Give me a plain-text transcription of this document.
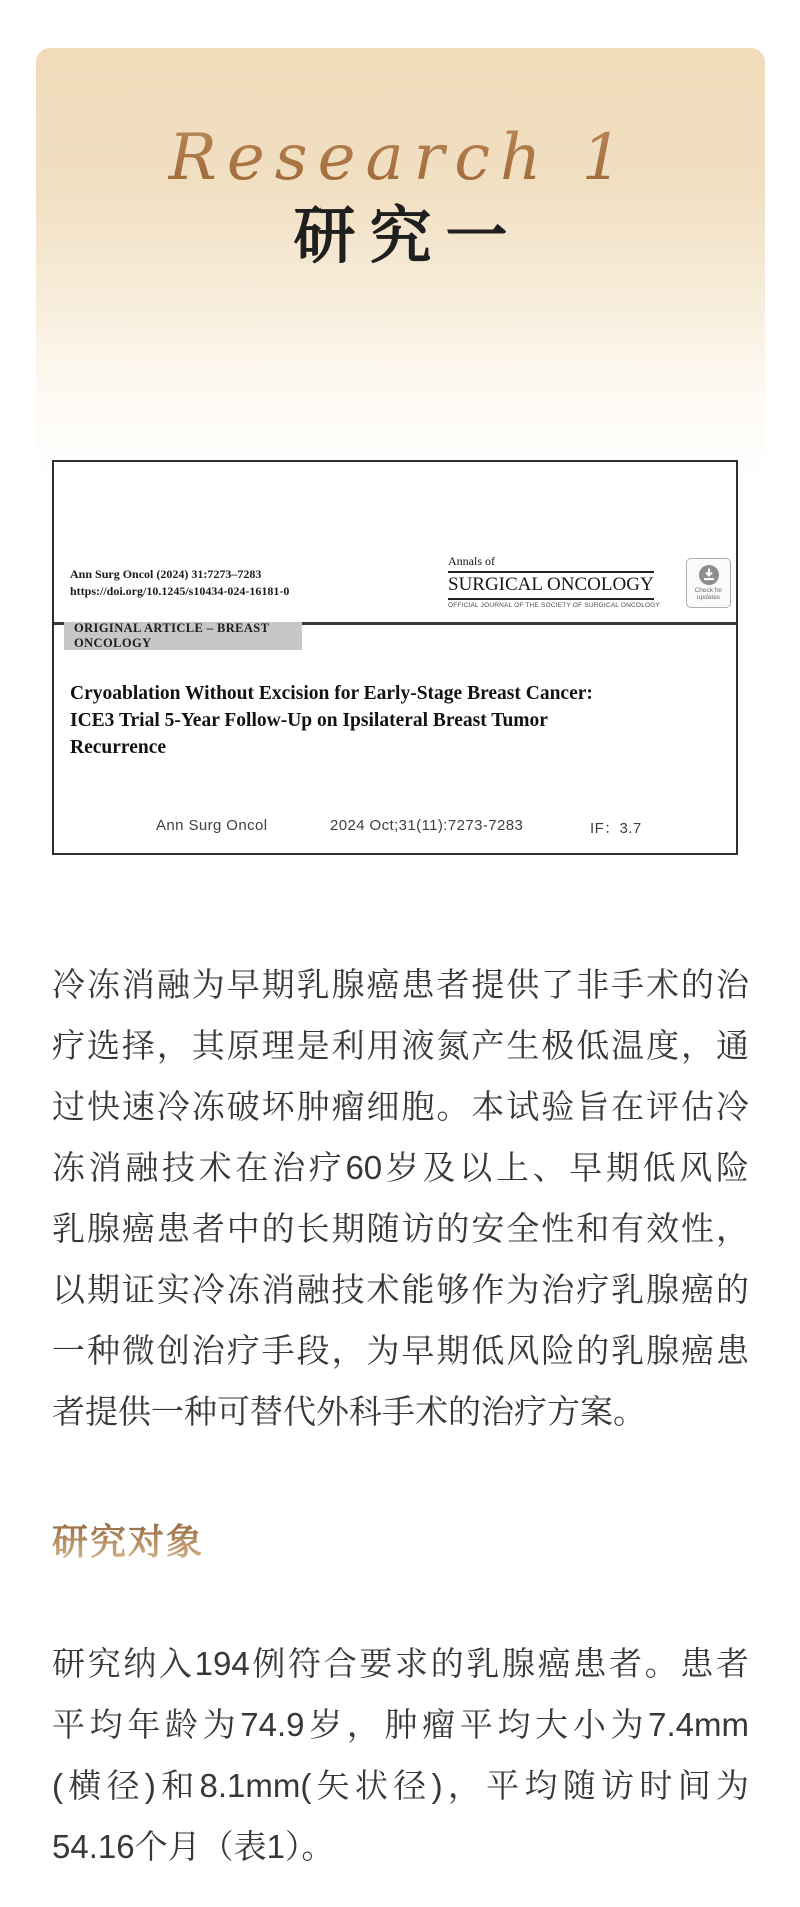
Research 1
研究一
Ann Surg Oncol (2024) 31:7273–7283
https://doi.org/10.1245/s10434-024-16181-0
Annals of
SURGICAL ONCOLOGY
OFFICIAL JOURNAL OF THE SOCIETY OF SURGICAL ONCOLOGY
Check for
updates
ORIGINAL ARTICLE – BREAST ONCOLOGY
Cryoablation Without Excision for Early-Stage Breast Cancer:
ICE3 Trial 5-Year Follow-Up on Ipsilateral Breast Tumor
Recurrence
Ann Surg Oncol	2024 Oct;31(11):7273-7283	IF：3.7
冷冻消融为早期乳腺癌患者提供了非手术的治
疗选择，其原理是利用液氮产生极低温度，通
过快速冷冻破坏肿瘤细胞。本试验旨在评估冷
冻消融技术在治疗60岁及以上、早期低风险
乳腺癌患者中的长期随访的安全性和有效性，
以期证实冷冻消融技术能够作为治疗乳腺癌的
一种微创治疗手段，为早期低风险的乳腺癌患
者提供一种可替代外科手术的治疗方案。
研究对象
研究纳入194例符合要求的乳腺癌患者。患者
平均年龄为74.9岁，肿瘤平均大小为7.4mm
(横径)和8.1mm(矢状径)，平均随访时间为
54.16个月（表1）。
